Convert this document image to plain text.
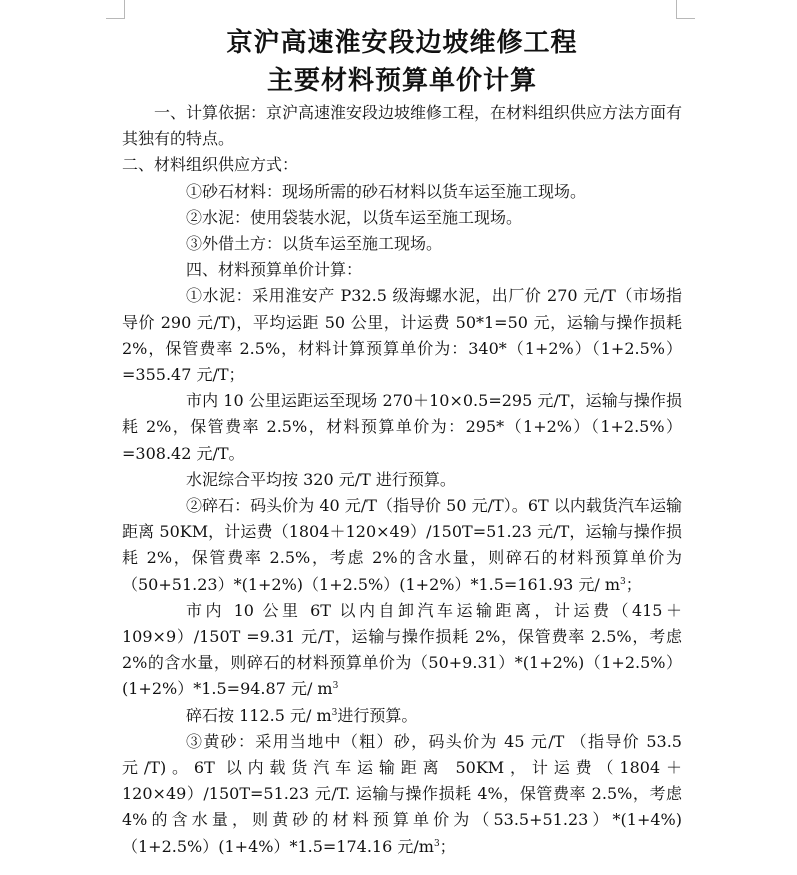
京沪高速淮安段边坡维修工程
主要材料预算单价计算

一、计算依据：京沪高速淮安段边坡维修工程，在材料组织供应方法方面有其独有的特点。

二、材料组织供应方式：

①砂石材料：现场所需的砂石材料以货车运至施工现场。

②水泥：使用袋装水泥，以货车运至施工现场。

③外借土方：以货车运至施工现场。

四、材料预算单价计算：

①水泥：采用淮安产 P32.5 级海螺水泥，出厂价 270 元/T（市场指导价 290 元/T)，平均运距 50 公里，计运费 50*1=50 元，运输与操作损耗 2%，保管费率 2.5%，材料计算预算单价为：340*（1+2%）（1+2.5%）=355.47 元/T；

市内 10 公里运距运至现场 270＋10×0.5=295 元/T，运输与操作损耗 2%，保管费率 2.5%，材料预算单价为：295*（1+2%）（1+2.5%）=308.42 元/T。

水泥综合平均按 320 元/T 进行预算。

②碎石：码头价为 40 元/T（指导价 50 元/T）。6T 以内载货汽车运输距离 50KM，计运费（1804＋120×49）/150T=51.23 元/T，运输与操作损耗 2%，保管费率 2.5%，考虑 2%的含水量，则碎石的材料预算单价为（50+51.23）*(1+2%)（1+2.5%）(1+2%）*1.5=161.93 元/ $m^3$；

市内 10 公里 6T 以内自卸汽车运输距离，计运费（415＋109×9）/150T =9.31 元/T，运输与操作损耗 2%，保管费率 2.5%，考虑 2%的含水量，则碎石的材料预算单价为（50+9.31）*(1+2%)（1+2.5%）(1+2%）*1.5=94.87 元/ $m^3$

碎石按 112.5 元/ $m^3$进行预算。

③黄砂：采用当地中（粗）砂，码头价为 45 元/T （指导价 53.5 元/T)。6T 以内载货汽车运输距离 50KM，计运费（1804＋120×49）/150T=51.23 元/T. 运输与操作损耗 4%，保管费率 2.5%，考虑 4%的含水量，则黄砂的材料预算单价为（53.5+51.23）*(1+4%)（1+2.5%）(1+4%）*1.5=174.16 元$/m^3$；
